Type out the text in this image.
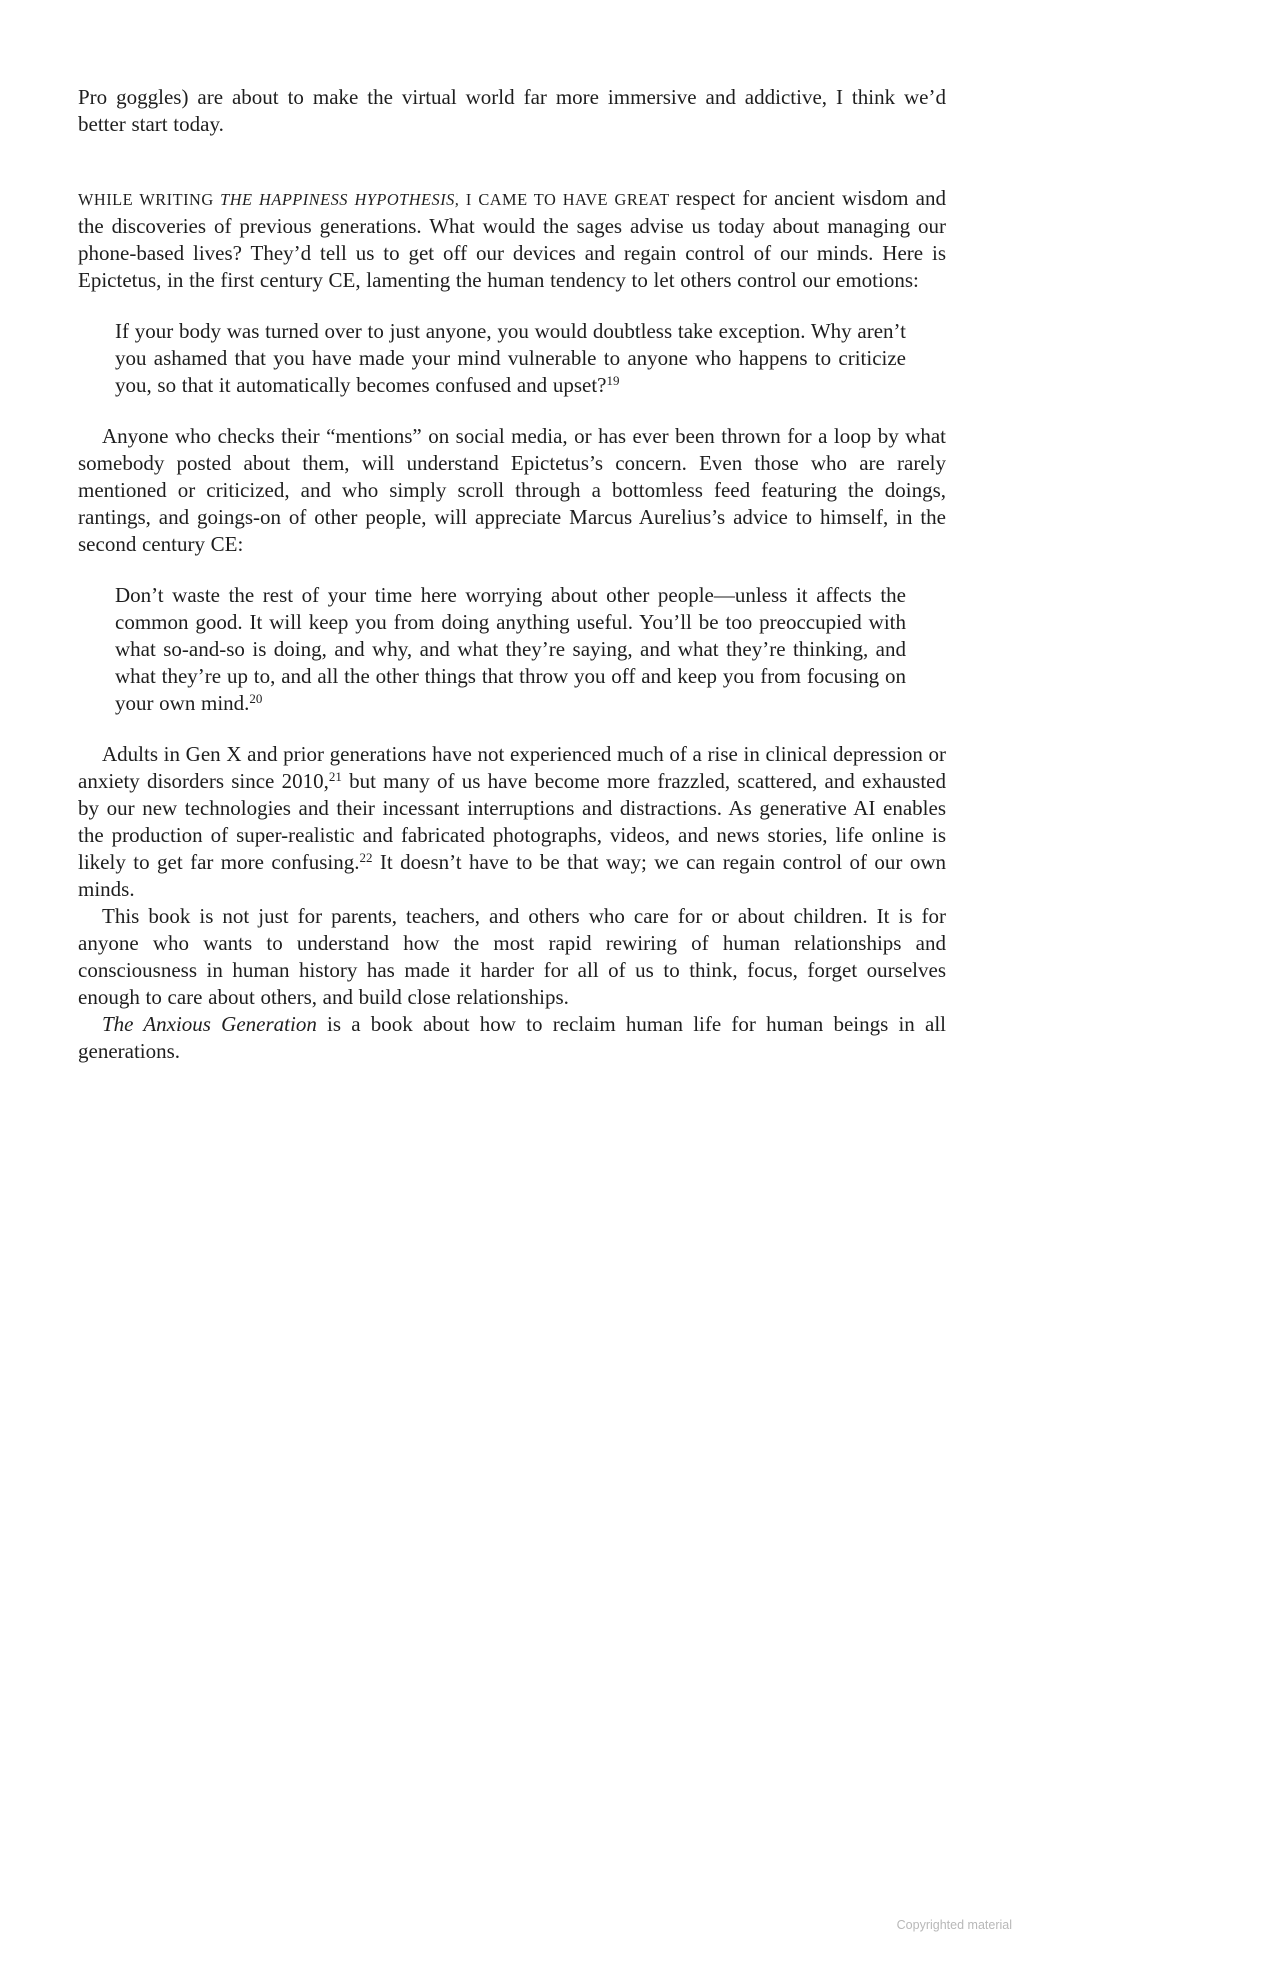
Pro goggles) are about to make the virtual world far more immersive and addictive, I think we’d better start today.

WHILE WRITING THE HAPPINESS HYPOTHESIS, I CAME TO HAVE GREAT respect for ancient wisdom and the discoveries of previous generations. What would the sages advise us today about managing our phone-based lives? They’d tell us to get off our devices and regain control of our minds. Here is Epictetus, in the first century CE, lamenting the human tendency to let others control our emotions:

If your body was turned over to just anyone, you would doubtless take exception. Why aren’t you ashamed that you have made your mind vulnerable to anyone who happens to criticize you, so that it automatically becomes confused and upset?$^{19}$

Anyone who checks their “mentions” on social media, or has ever been thrown for a loop by what somebody posted about them, will understand Epictetus’s concern. Even those who are rarely mentioned or criticized, and who simply scroll through a bottomless feed featuring the doings, rantings, and goings-on of other people, will appreciate Marcus Aurelius’s advice to himself, in the second century CE:

Don’t waste the rest of your time here worrying about other people—unless it affects the common good. It will keep you from doing anything useful. You’ll be too preoccupied with what so-and-so is doing, and why, and what they’re saying, and what they’re thinking, and what they’re up to, and all the other things that throw you off and keep you from focusing on your own mind.$^{20}$

Adults in Gen X and prior generations have not experienced much of a rise in clinical depression or anxiety disorders since 2010,21 but many of us have become more frazzled, scattered, and exhausted by our new technologies and their incessant interruptions and distractions. As generative AI enables the production of super-realistic and fabricated photographs, videos, and news stories, life online is likely to get far more confusing.$^{22}$ It doesn’t have to be that way; we can regain control of our own minds.

This book is not just for parents, teachers, and others who care for or about children. It is for anyone who wants to understand how the most rapid rewiring of human relationships and consciousness in human history has made it harder for all of us to think, focus, forget ourselves enough to care about others, and build close relationships.

The Anxious Generation is a book about how to reclaim human life for human beings in all generations.

Copyrighted material
